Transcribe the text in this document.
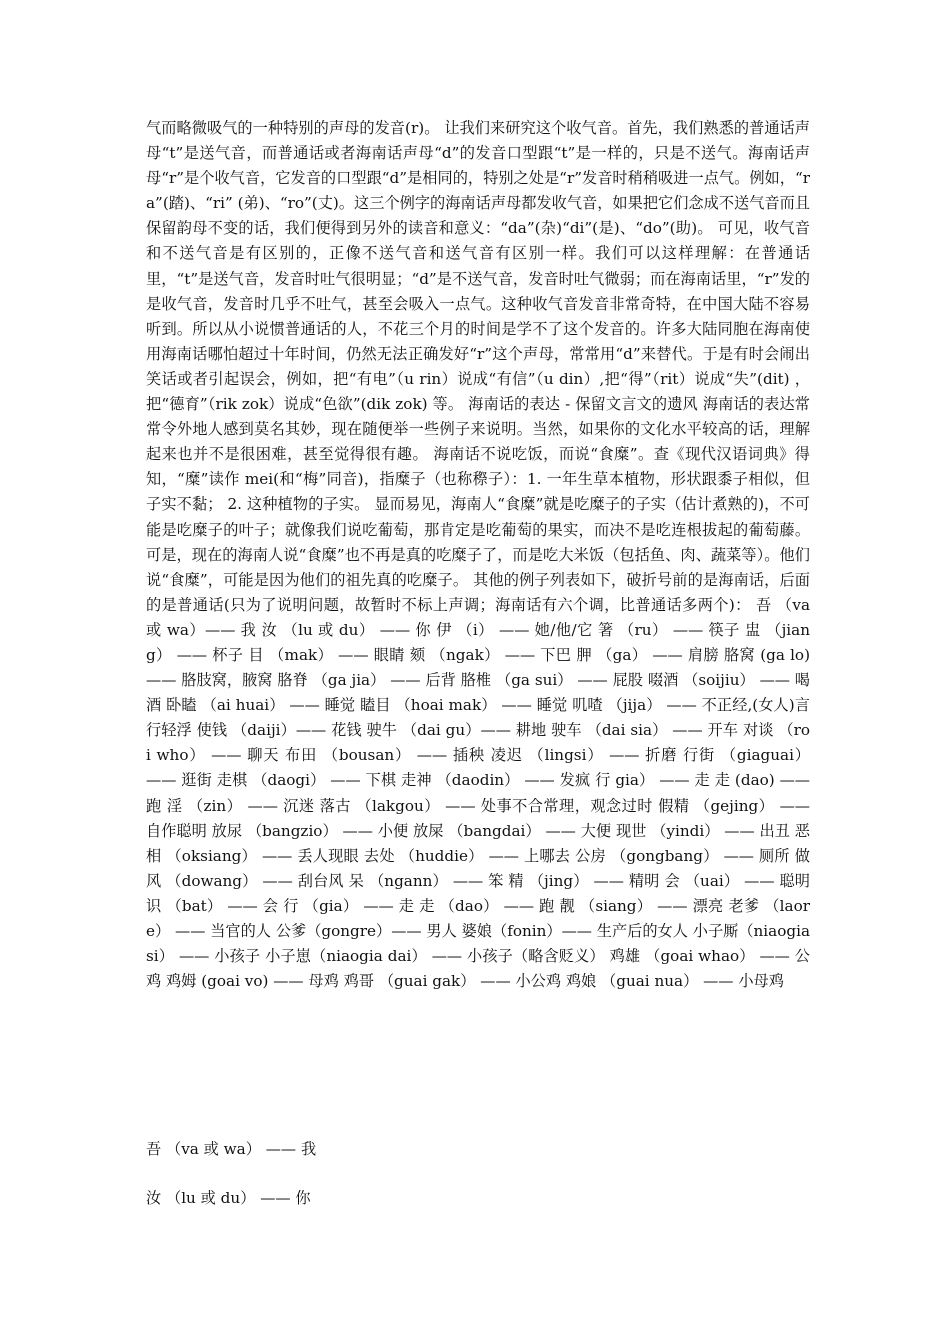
气而略微吸气的一种特别的声母的发音(r)。 让我们来研究这个收气音。首先，我们熟悉的普通话声母“t”是送气音，而普通话或者海南话声母“d”的发音口型跟“t”是一样的，只是不送气。海南话声母“r”是个收气音，它发音的口型跟“d”是相同的，特别之处是“r”发音时稍稍吸进一点气。例如，“ra”(踏)、“ri” (弟)、“ro”(丈)。这三个例字的海南话声母都发收气音，如果把它们念成不送气音而且保留韵母不变的话，我们便得到另外的读音和意义：“da”(杂)“di”(是)、“do”(助)。 可见，收气音和不送气音是有区别的，正像不送气音和送气音有区别一样。我们可以这样理解：在普通话里，“t”是送气音，发音时吐气很明显；“d”是不送气音，发音时吐气微弱；而在海南话里，“r”发的是收气音，发音时几乎不吐气，甚至会吸入一点气。这种收气音发音非常奇特，在中国大陆不容易听到。所以从小说惯普通话的人，不花三个月的时间是学不了这个发音的。许多大陆同胞在海南使用海南话哪怕超过十年时间，仍然无法正确发好“r”这个声母，常常用“d”来替代。于是有时会闹出笑话或者引起误会，例如，把“有电”（u rin）说成“有信”（u din）,把“得”（rit）说成“失”(dit) ，把“德育”（rik zok）说成“色欲”(dik zok) 等。 海南话的表达 - 保留文言文的遗风 海南话的表达常常令外地人感到莫名其妙，现在随便举一些例子来说明。当然，如果你的文化水平较高的话，理解起来也并不是很困难，甚至觉得很有趣。 海南话不说吃饭，而说“食糜”。查《现代汉语词典》得知，“糜”读作 mei(和“梅”同音)，指糜子（也称穄子）：1. 一年生草本植物，形状跟黍子相似，但子实不黏； 2. 这种植物的子实。 显而易见，海南人“食糜”就是吃糜子的子实（估计煮熟的)，不可能是吃糜子的叶子；就像我们说吃葡萄，那肯定是吃葡萄的果实，而决不是吃连根拔起的葡萄藤。可是，现在的海南人说“食糜”也不再是真的吃糜子了，而是吃大米饭（包括鱼、肉、蔬菜等）。他们说“食糜”，可能是因为他们的祖先真的吃糜子。 其他的例子列表如下，破折号前的是海南话，后面的是普通话(只为了说明问题，故暂时不标上声调；海南话有六个调，比普通话多两个)： 吾 （va 或 wa）—— 我 汝 （lu 或 du） —— 你 伊 （i） —— 她/他/它 箸 （ru） —— 筷子 盅 （jiang） —— 杯子 目 （mak） —— 眼睛 颏 （ngak） —— 下巴 胛 （ga） —— 肩膀 胳窝 (ga lo) —— 胳肢窝，腋窝 胳脊 （ga jia） —— 后背 胳椎 （ga sui） —— 屁股 啜酒 （soijiu） —— 喝酒 卧瞌 （ai huai） —— 睡觉 瞌目 （hoai mak） —— 睡觉 叽喳 （jija） —— 不正经,(女人)言行轻浮 使钱 （daiji）—— 花钱 驶牛 （dai gu）—— 耕地 驶车 （dai sia） —— 开车 对谈 （roi who） —— 聊天 布田 （bousan） —— 插秧 凌迟 （lingsi） —— 折磨 行街 （giaguai） —— 逛街 走棋 （daogi） —— 下棋 走神 （daodin） —— 发疯 行 gia） —— 走 走 (dao) —— 跑 淫 （zin） —— 沉迷 落古 （lakgou） —— 处事不合常理，观念过时 假精 （gejing） —— 自作聪明 放尿 （bangzio） —— 小便 放屎 （bangdai） —— 大便 现世 （yindi） —— 出丑 恶相 （oksiang） —— 丢人现眼 去处 （huddie） —— 上哪去 公房 （gongbang） —— 厕所 做风 （dowang） —— 刮台风 呆 （ngann） —— 笨 精 （jing） —— 精明 会 （uai） —— 聪明 识 （bat） —— 会 行 （gia） —— 走 走 （dao） —— 跑 靓 （siang） —— 漂亮 老爹 （laore） —— 当官的人 公爹（gongre）—— 男人 婆娘（fonin）—— 生产后的女人 小子厮（niaogiasi） —— 小孩子 小子崽（niaogia dai） —— 小孩子（略含贬义） 鸡雄 （goai whao） —— 公鸡 鸡姆 (goai vo) —— 母鸡 鸡哥 （guai gak） —— 小公鸡 鸡娘 （guai nua） —— 小母鸡

吾 （va 或 wa） —— 我

汝 （lu 或 du） —— 你
